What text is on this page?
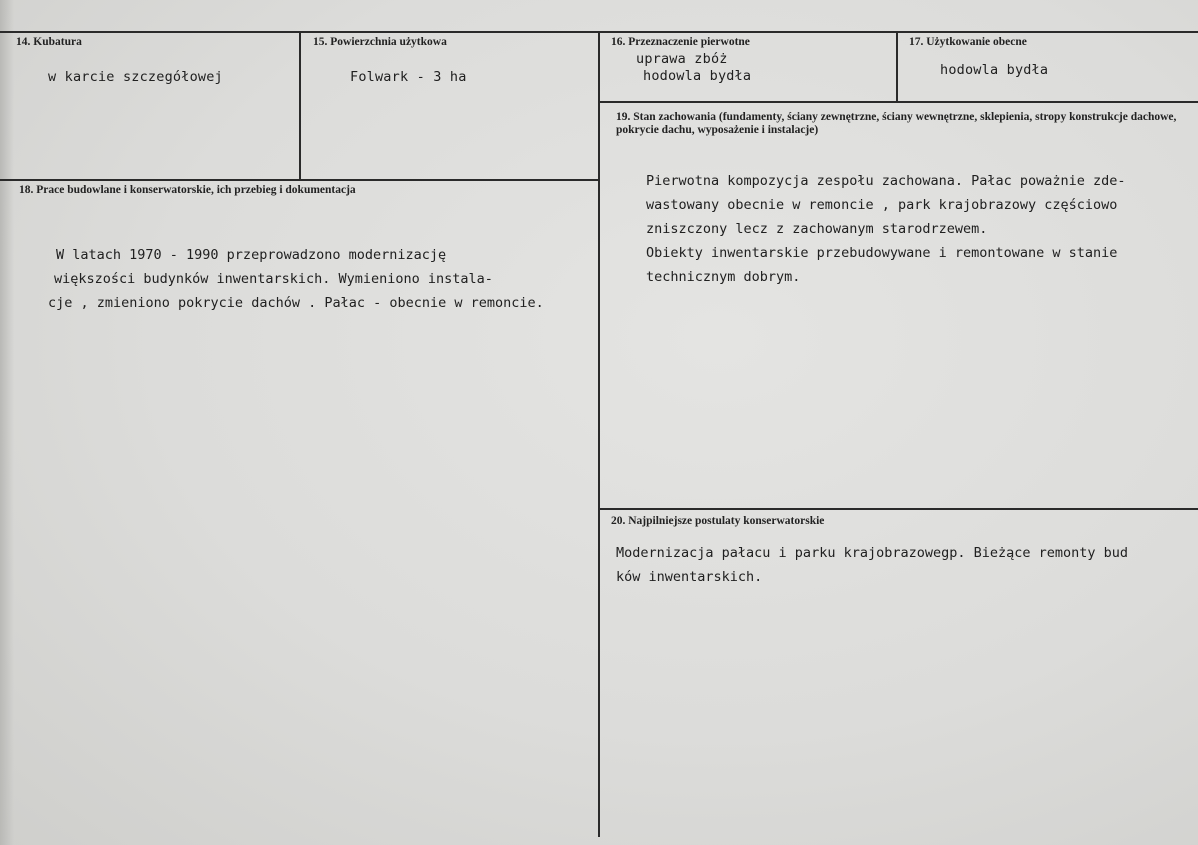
14. Kubatura
w karcie szczegółowej
15. Powierzchnia użytkowa
Folwark - 3 ha
16. Przeznaczenie pierwotne
uprawa zbóż
hodowla bydła
17. Użytkowanie obecne
hodowla bydła
19. Stan zachowania (fundamenty, ściany zewnętrzne, ściany wewnętrzne, sklepienia, stropy konstrukcje dachowe, pokrycie dachu, wyposażenie i instalacje)
Pierwotna kompozycja zespołu zachowana. Pałac poważnie zde-
wastowany obecnie w remoncie , park krajobrazowy częściowo
zniszczony lecz z zachowanym starodrzewem.
Obiekty inwentarskie przebudowywane i remontowane w stanie
technicznym dobrym.
18. Prace budowlane i konserwatorskie, ich przebieg i dokumentacja
W latach 1970 - 1990 przeprowadzono modernizację
większości budynków inwentarskich. Wymieniono instala-
cje , zmieniono pokrycie dachów . Pałac - obecnie w remoncie.
20. Najpilniejsze postulaty konserwatorskie
Modernizacja pałacu i parku krajobrazowegp. Bieżące remonty bud
ków inwentarskich.
